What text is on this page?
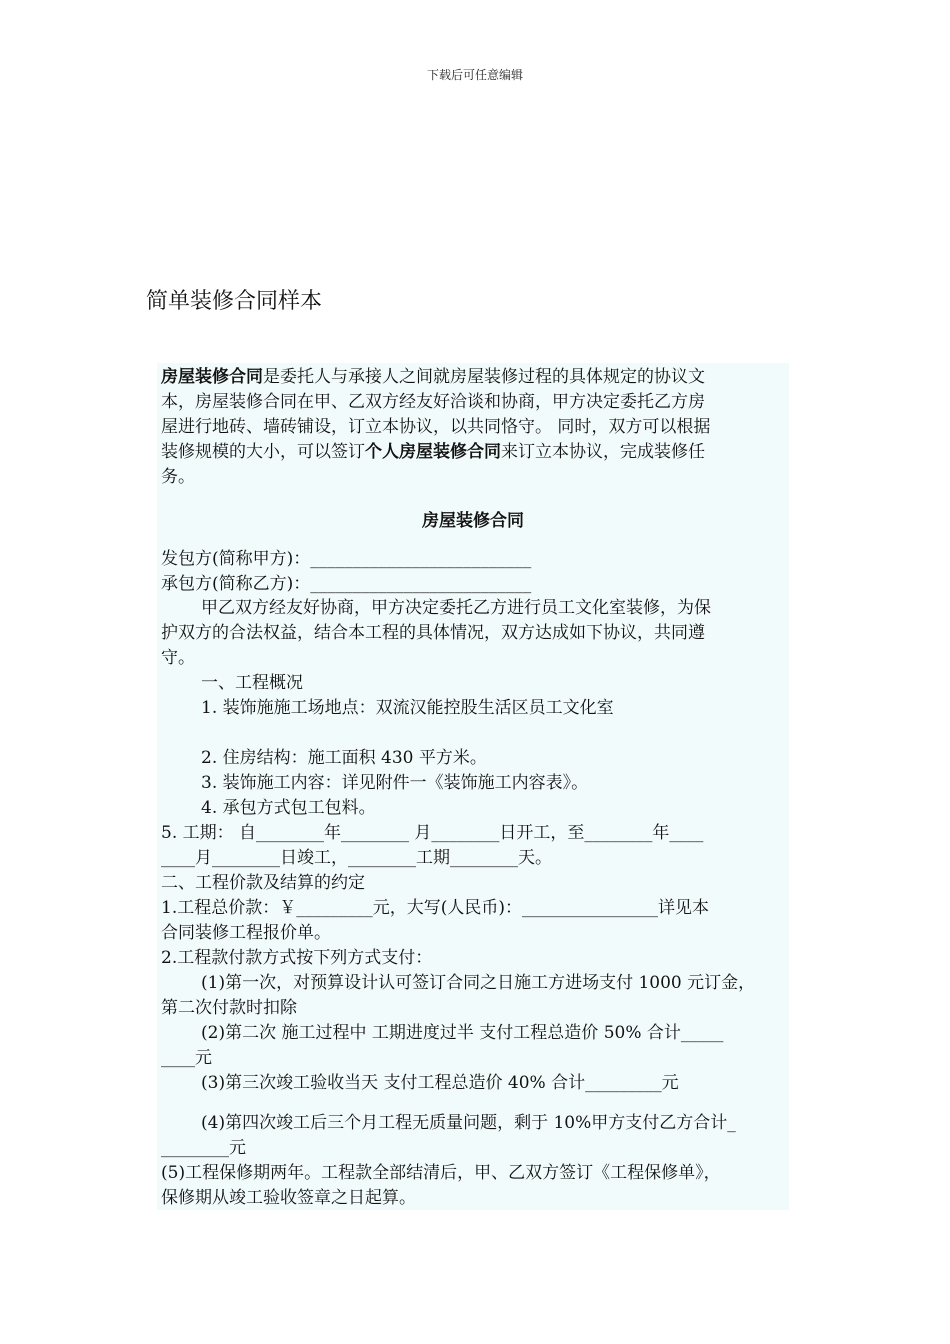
下载后可任意编辑
简单装修合同样本
房屋装修合同是委托人与承接人之间就房屋装修过程的具体规定的协议文
本，房屋装修合同在甲、乙双方经友好洽谈和协商，甲方决定委托乙方房
屋进行地砖、墙砖铺设，订立本协议，以共同恪守。 同时，双方可以根据
装修规模的大小，可以签订个人房屋装修合同来订立本协议，完成装修任
务。
房屋装修合同
发包方(简称甲方)：__________________________
承包方(简称乙方)：__________________________
甲乙双方经友好协商，甲方决定委托乙方进行员工文化室装修，为保
护双方的合法权益，结合本工程的具体情况，双方达成如下协议，共同遵
守。
一、工程概况
1. 装饰施施工场地点：双流汉能控股生活区员工文化室
2. 住房结构：施工面积 430 平方米。
3. 装饰施工内容：详见附件一《装饰施工内容表》。
4. 承包方式包工包料。
5. 工期： 自________年________ 月________日开工，至________年____
____月________日竣工，________工期________天。
二、工程价款及结算的约定
1.工程总价款：￥_________元，大写(人民币)：________________详见本
合同装修工程报价单。
2.工程款付款方式按下列方式支付：
(1)第一次，对预算设计认可签订合同之日施工方进场支付 1000 元订金，
第二次付款时扣除
(2)第二次 施工过程中 工期进度过半 支付工程总造价 50% 合计_____
____元
(3)第三次竣工验收当天 支付工程总造价 40% 合计_________元
(4)第四次竣工后三个月工程无质量问题，剩于 10%甲方支付乙方合计_
________元
(5)工程保修期两年。工程款全部结清后，甲、乙双方签订《工程保修单》，
保修期从竣工验收签章之日起算。
